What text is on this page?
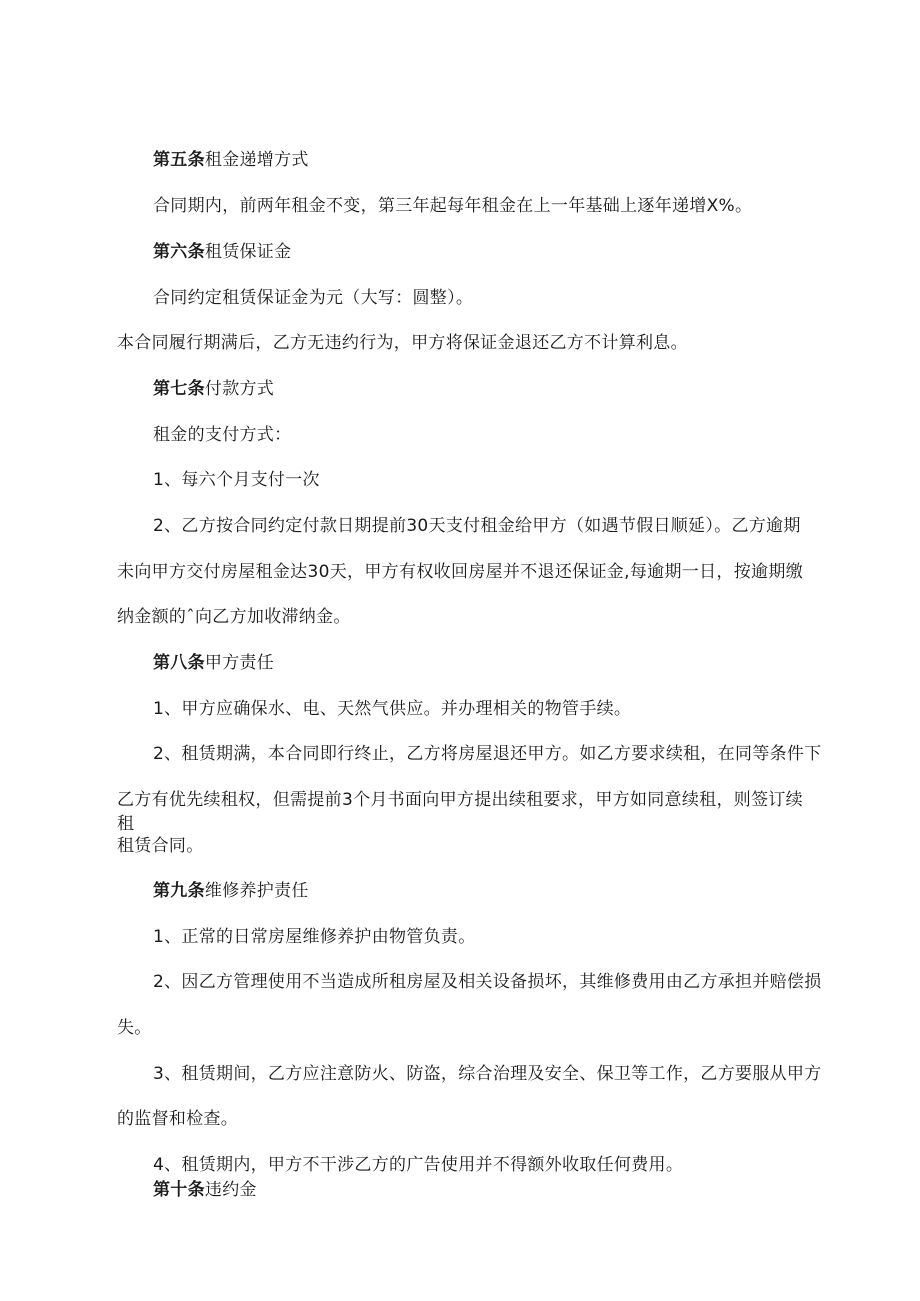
第五条租金递增方式
合同期内，前两年租金不变，第三年起每年租金在上一年基础上逐年递增X%。
第六条租赁保证金
合同约定租赁保证金为元（大写：圆整）。
本合同履行期满后，乙方无违约行为，甲方将保证金退还乙方不计算利息。
第七条付款方式
租金的支付方式：
1、每六个月支付一次
2、乙方按合同约定付款日期提前30天支付租金给甲方（如遇节假日顺延）。乙方逾期
未向甲方交付房屋租金达30天，甲方有权收回房屋并不退还保证金,每逾期一日，按逾期缴
纳金额的ˆ向乙方加收滞纳金。
第八条甲方责任
1、甲方应确保水、电、天然气供应。并办理相关的物管手续。
2、租赁期满，本合同即行终止，乙方将房屋退还甲方。如乙方要求续租，在同等条件下
乙方有优先续租权，但需提前3个月书面向甲方提出续租要求，甲方如同意续租，则签订续租
租赁合同。
第九条维修养护责任
1、正常的日常房屋维修养护由物管负责。
2、因乙方管理使用不当造成所租房屋及相关设备损坏，其维修费用由乙方承担并赔偿损
失。
3、租赁期间，乙方应注意防火、防盗，综合治理及安全、保卫等工作，乙方要服从甲方
的监督和检查。
4、租赁期内，甲方不干涉乙方的广告使用并不得额外收取任何费用。
第十条违约金
